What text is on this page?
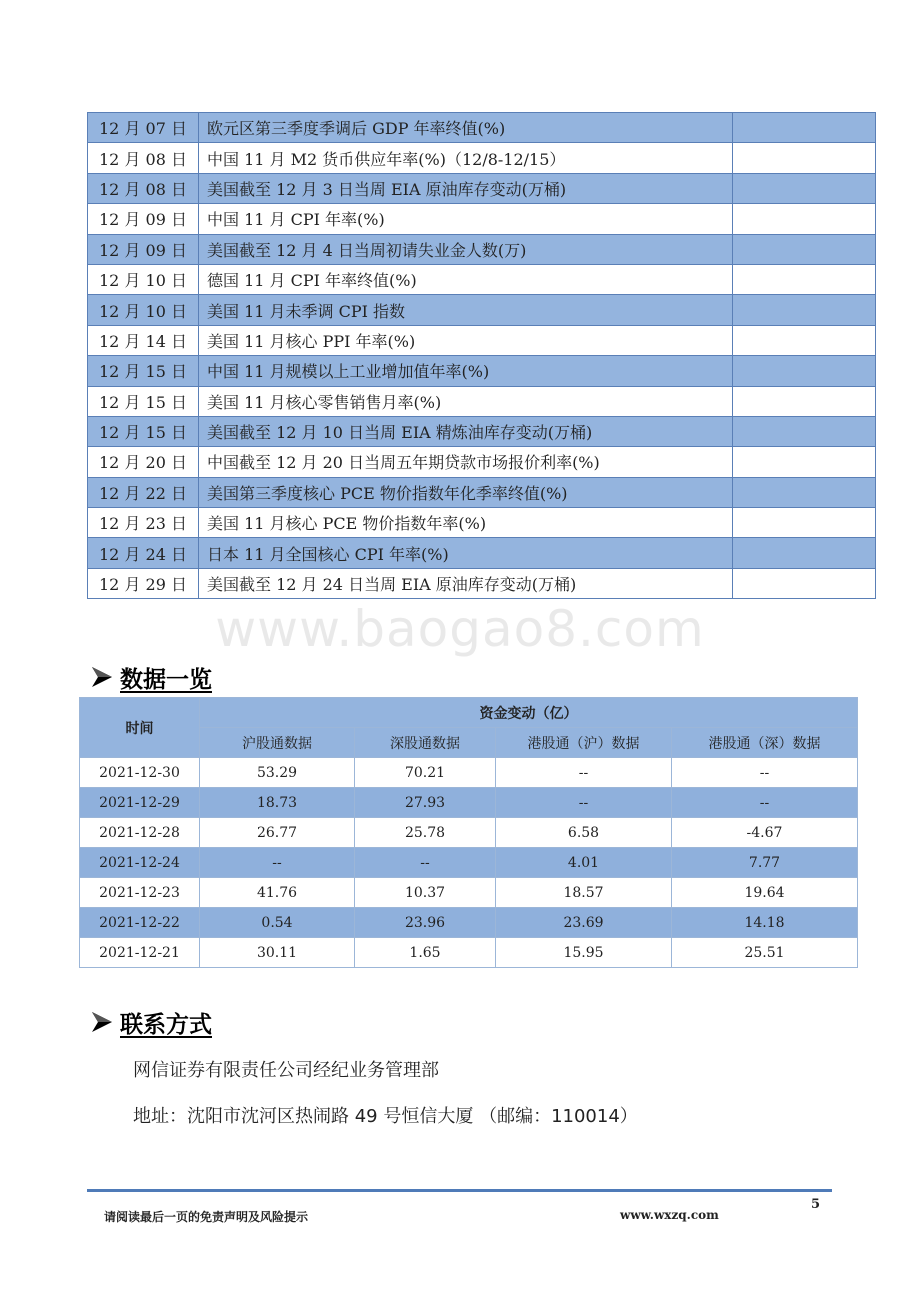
12 月 07 日	欧元区第三季度季调后 GDP 年率终值(%)	
12 月 08 日	中国 11 月 M2 货币供应年率(%)（12/8-12/15）	
12 月 08 日	美国截至 12 月 3 日当周 EIA 原油库存变动(万桶)	
12 月 09 日	中国 11 月 CPI 年率(%)	
12 月 09 日	美国截至 12 月 4 日当周初请失业金人数(万)	
12 月 10 日	德国 11 月 CPI 年率终值(%)	
12 月 10 日	美国 11 月未季调 CPI 指数	
12 月 14 日	美国 11 月核心 PPI 年率(%)	
12 月 15 日	中国 11 月规模以上工业增加值年率(%)	
12 月 15 日	美国 11 月核心零售销售月率(%)	
12 月 15 日	美国截至 12 月 10 日当周 EIA 精炼油库存变动(万桶)	
12 月 20 日	中国截至 12 月 20 日当周五年期贷款市场报价利率(%)	
12 月 22 日	美国第三季度核心 PCE 物价指数年化季率终值(%)	
12 月 23 日	美国 11 月核心 PCE 物价指数年率(%)	
12 月 24 日	日本 11 月全国核心 CPI 年率(%)	
12 月 29 日	美国截至 12 月 24 日当周 EIA 原油库存变动(万桶)	
www.baogao8.com
数据一览
时间	资金变动（亿）			
	沪股通数据	深股通数据	港股通（沪）数据	港股通（深）数据
2021-12-30	53.29	70.21	--	--
2021-12-29	18.73	27.93	--	--
2021-12-28	26.77	25.78	6.58	-4.67
2021-12-24	--	--	4.01	7.77
2021-12-23	41.76	10.37	18.57	19.64
2021-12-22	0.54	23.96	23.69	14.18
2021-12-21	30.11	1.65	15.95	25.51
联系方式
网信证券有限责任公司经纪业务管理部
地址：沈阳市沈河区热闹路 49 号恒信大厦 （邮编：110014）
5
请阅读最后一页的免责声明及风险提示	www.wxzq.com
